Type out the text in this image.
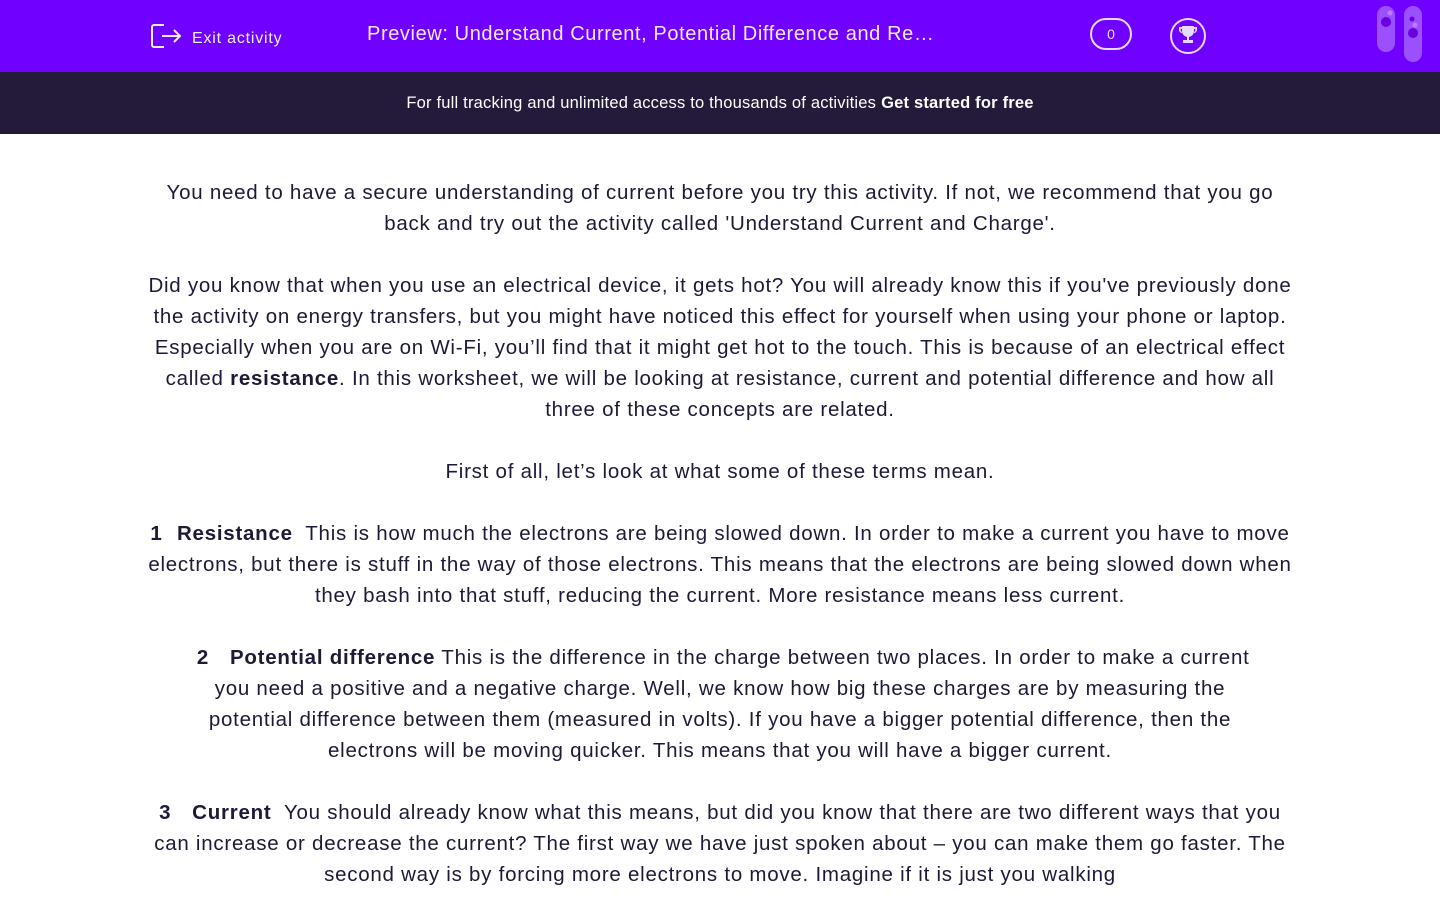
Exit activity	Preview: Understand Current, Potential Difference and Re…	0
For full tracking and unlimited access to thousands of activities Get started for free

You need to have a secure understanding of current before you try this activity. If not, we recommend that you go back and try out the activity called 'Understand Current and Charge'.

Did you know that when you use an electrical device, it gets hot? You will already know this if you've previously done the activity on energy transfers, but you might have noticed this effect for yourself when using your phone or laptop. Especially when you are on Wi-Fi, you’ll find that it might get hot to the touch. This is because of an electrical effect called resistance. In this worksheet, we will be looking at resistance, current and potential difference and how all three of these concepts are related.

First of all, let’s look at what some of these terms mean.

1 Resistance This is how much the electrons are being slowed down. In order to make a current you have to move electrons, but there is stuff in the way of those electrons. This means that the electrons are being slowed down when they bash into that stuff, reducing the current. More resistance means less current.

2 Potential difference This is the difference in the charge between two places. In order to make a current you need a positive and a negative charge. Well, we know how big these charges are by measuring the potential difference between them (measured in volts). If you have a bigger potential difference, then the electrons will be moving quicker. This means that you will have a bigger current.

3 Current You should already know what this means, but did you know that there are two different ways that you can increase or decrease the current? The first way we have just spoken about – you can make them go faster. The second way is by forcing more electrons to move. Imagine if it is just you walking
